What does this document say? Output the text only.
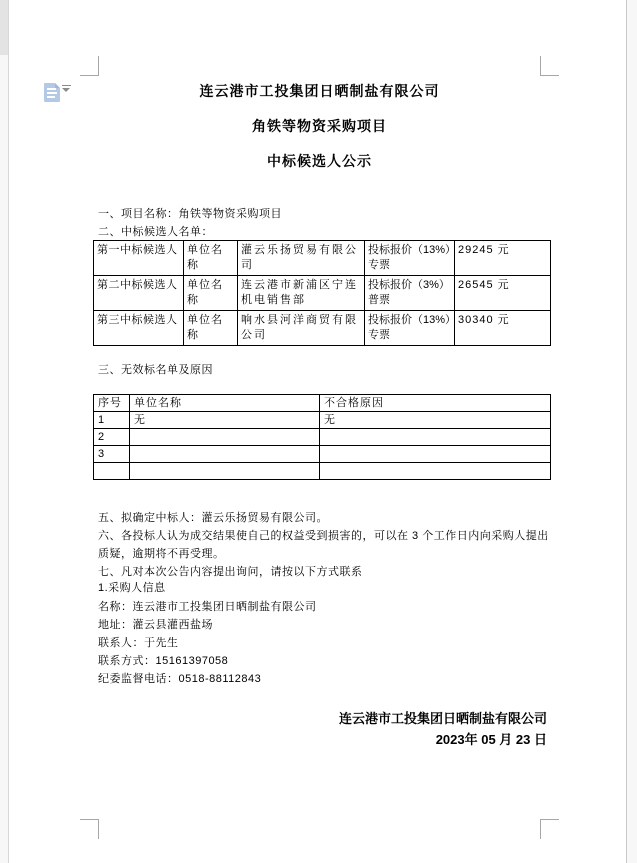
连云港市工投集团日晒制盐有限公司
角铁等物资采购项目
中标候选人公示
一、项目名称：角铁等物资采购项目
二、中标候选人名单：
第一中标候选人	单位名称	灌云乐扬贸易有限公司	投标报价（13%）专票	29245 元
第二中标候选人	单位名称	连云港市新浦区宁连机电销售部	投标报价（3%）普票	26545 元
第三中标候选人	单位名称	响水县河洋商贸有限公司	投标报价（13%）专票	30340 元
三、无效标名单及原因
序号	单位名称	不合格原因
1	无	无
2		
3		

五、拟确定中标人：灌云乐扬贸易有限公司。
六、各投标人认为成交结果使自己的权益受到损害的，可以在 3 个工作日内向采购人提出质疑，逾期将不再受理。
七、凡对本次公告内容提出询问，请按以下方式联系
1.采购人信息
名称：连云港市工投集团日晒制盐有限公司
地址：灌云县灌西盐场
联系人：于先生
联系方式：15161397058
纪委监督电话：0518-88112843
连云港市工投集团日晒制盐有限公司
2023年 05 月 23 日
